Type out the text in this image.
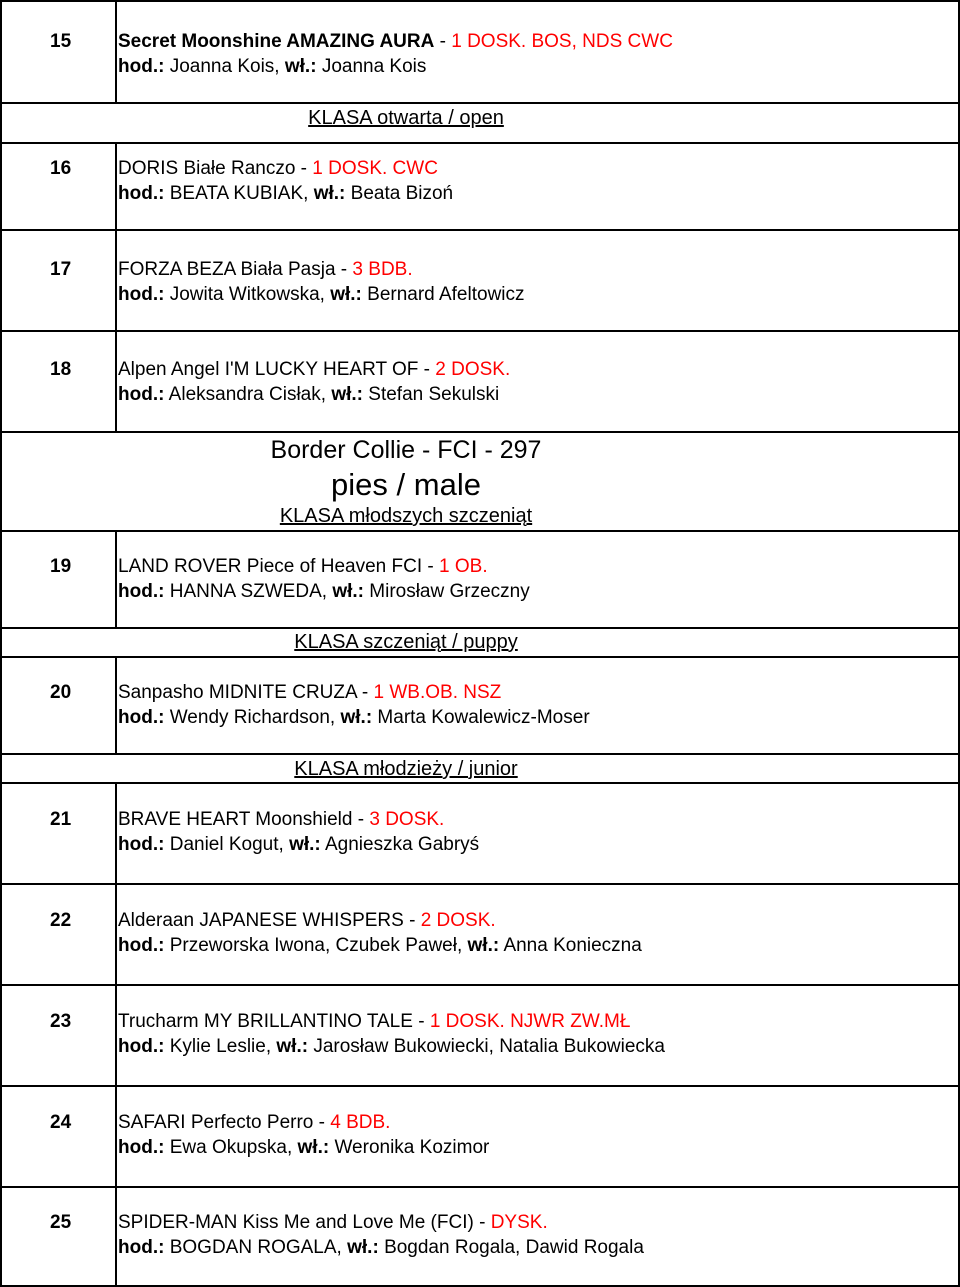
15 Secret Moonshine AMAZING AURA - 1 DOSK. BOS, NDS CWC
hod.: Joanna Kois, wł.: Joanna Kois
KLASA otwarta / open
16 DORIS Białe Ranczo - 1 DOSK. CWC
hod.: BEATA KUBIAK, wł.: Beata Bizoń
17 FORZA BEZA Biała Pasja - 3 BDB.
hod.: Jowita Witkowska, wł.: Bernard Afeltowicz
18 Alpen Angel I'M LUCKY HEART OF - 2 DOSK.
hod.: Aleksandra Cisłak, wł.: Stefan Sekulski
Border Collie - FCI - 297
pies / male
KLASA młodszych szczeniąt
19 LAND ROVER Piece of Heaven FCI - 1 OB.
hod.: HANNA SZWEDA, wł.: Mirosław Grzeczny
KLASA szczeniąt / puppy
20 Sanpasho MIDNITE CRUZA - 1 WB.OB. NSZ
hod.: Wendy Richardson, wł.: Marta Kowalewicz-Moser
KLASA młodzieży / junior
21 BRAVE HEART Moonshield - 3 DOSK.
hod.: Daniel Kogut, wł.: Agnieszka Gabryś
22 Alderaan JAPANESE WHISPERS - 2 DOSK.
hod.: Przeworska Iwona, Czubek Paweł, wł.: Anna Konieczna
23 Trucharm MY BRILLANTINO TALE - 1 DOSK. NJWR ZW.MŁ
hod.: Kylie Leslie, wł.: Jarosław Bukowiecki, Natalia Bukowiecka
24 SAFARI Perfecto Perro - 4 BDB.
hod.: Ewa Okupska, wł.: Weronika Kozimor
25 SPIDER-MAN Kiss Me and Love Me (FCI) - DYSK.
hod.: BOGDAN ROGALA, wł.: Bogdan Rogala, Dawid Rogala
